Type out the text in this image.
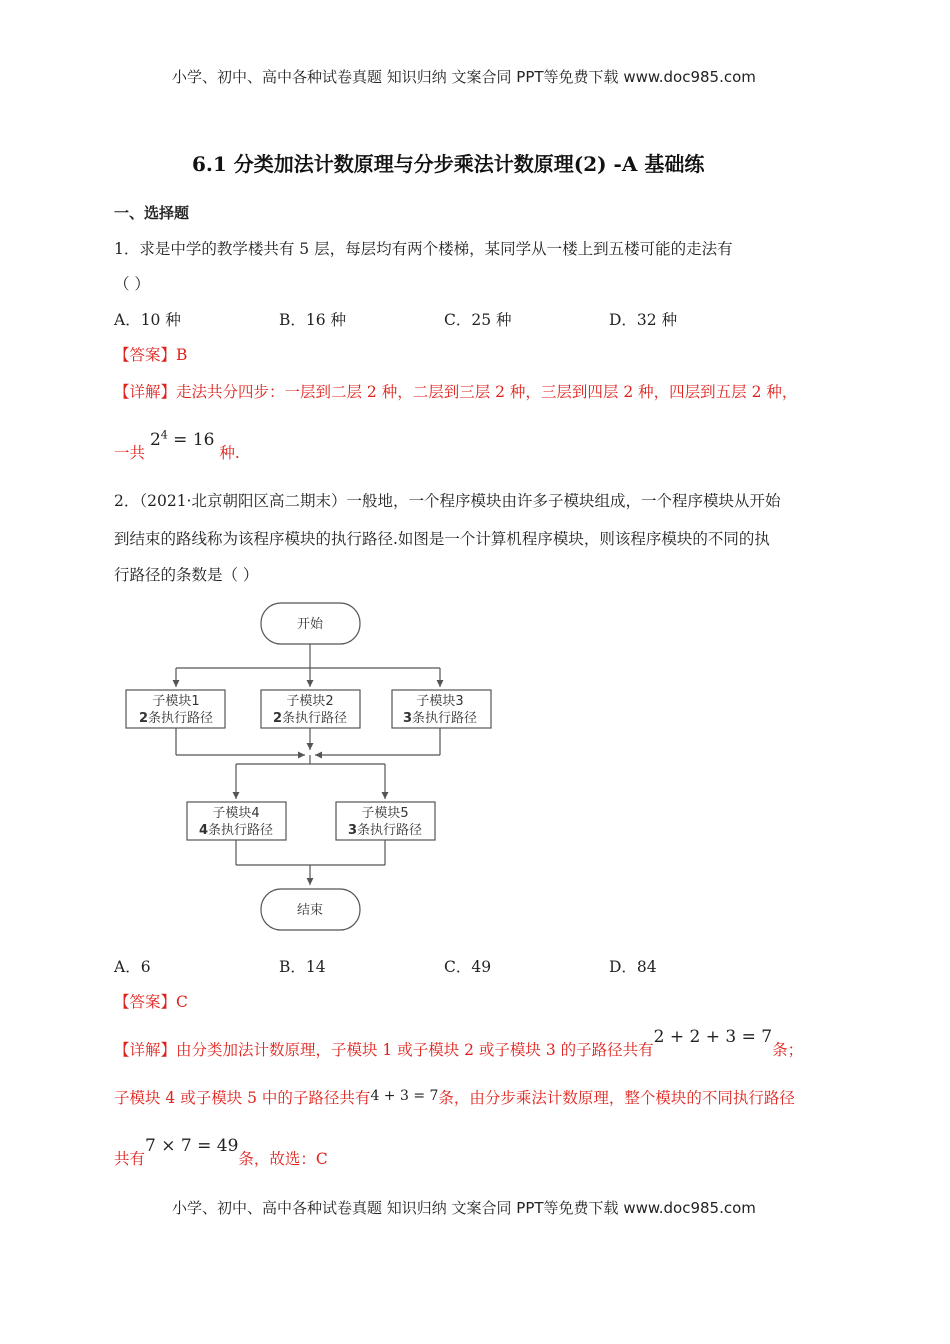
小学、初中、高中各种试卷真题 知识归纳 文案合同 PPT等免费下载 www.doc985.com
6.1 分类加法计数原理与分步乘法计数原理(2) -A 基础练
一、选择题
1．求是中学的教学楼共有 5 层，每层均有两个楼梯，某同学从一楼上到五楼可能的走法有
（ ）
A．10 种	B．16 种	C．25 种	D．32 种
【答案】B
【详解】走法共分四步：一层到二层 2 种，二层到三层 2 种，三层到四层 2 种，四层到五层 2 种，
一共 $2^4 = 16$ 种.
2．（2021·北京朝阳区高二期末）一般地，一个程序模块由许多子模块组成，一个程序模块从开始
到结束的路线称为该程序模块的执行路径.如图是一个计算机程序模块，则该程序模块的不同的执
行路径的条数是（ ）
开始
结束
子模块1
2条执行路径
子模块2
2条执行路径
子模块3
3条执行路径
子模块4
4条执行路径
子模块5
3条执行路径
A．6	B．14	C．49	D．84
【答案】C
【详解】由分类加法计数原理，子模块 1 或子模块 2 或子模块 3 的子路径共有2 + 2 + 3 = 7条；
子模块 4 或子模块 5 中的子路径共有4 + 3 = 7条，由分步乘法计数原理，整个模块的不同执行路径
共有7 × 7 = 49条，故选：C
小学、初中、高中各种试卷真题 知识归纳 文案合同 PPT等免费下载 www.doc985.com
